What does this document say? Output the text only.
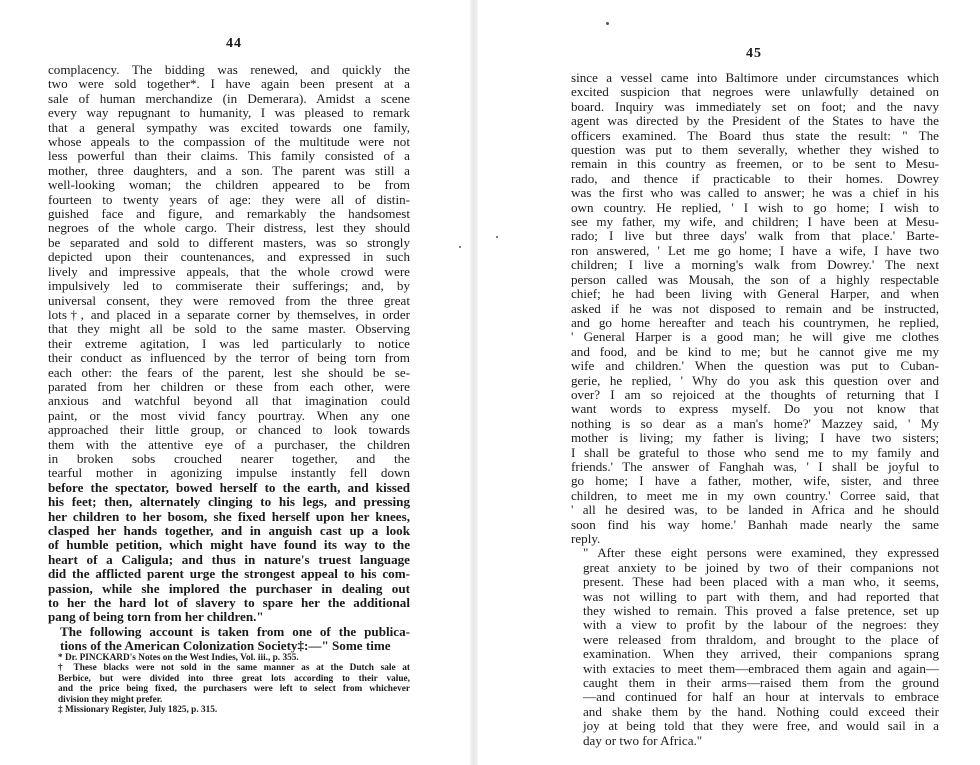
44

complacency. The bidding was renewed, and quickly the
two were sold together*. I have again been present at a
sale of human merchandize (in Demerara). Amidst a scene
every way repugnant to humanity, I was pleased to remark
that a general sympathy was excited towards one family,
whose appeals to the compassion of the multitude were not
less powerful than their claims. This family consisted of a
mother, three daughters, and a son. The parent was still a
well-looking woman; the children appeared to be from
fourteen to twenty years of age: they were all of distin-
guished face and figure, and remarkably the handsomest
negroes of the whole cargo. Their distress, lest they should
be separated and sold to different masters, was so strongly
depicted upon their countenances, and expressed in such
lively and impressive appeals, that the whole crowd were
impulsively led to commiserate their sufferings; and, by
universal consent, they were removed from the three great
lots†, and placed in a separate corner by themselves, in order
that they might all be sold to the same master. Observing
their extreme agitation, I was led particularly to notice
their conduct as influenced by the terror of being torn from
each other: the fears of the parent, lest she should be se-
parated from her children or these from each other, were
anxious and watchful beyond all that imagination could
paint, or the most vivid fancy pourtray. When any one
approached their little group, or chanced to look towards
them with the attentive eye of a purchaser, the children
in broken sobs crouched nearer together, and the
tearful mother in agonizing impulse instantly fell down
before the spectator, bowed herself to the earth, and kissed
his feet; then, alternately clinging to his legs, and pressing
her children to her bosom, she fixed herself upon her knees,
clasped her hands together, and in anguish cast up a look
of humble petition, which might have found its way to the
heart of a Caligula; and thus in nature's truest language
did the afflicted parent urge the strongest appeal to his com-
passion, while she implored the purchaser in dealing out
to her the hard lot of slavery to spare her the additional
pang of being torn from her children."

The following account is taken from one of the publica-
tions of the American Colonization Society‡:—" Some time

* Dr. PINCKARD's Notes on the West Indies, Vol. iii., p. 355.

† These blacks were not sold in the same manner as at the Dutch sale at
Berbice, but were divided into three great lots according to their value,
and the price being fixed, the purchasers were left to select from whichever
division they might prefer.

‡ Missionary Register, July 1825, p. 315.

45

since a vessel came into Baltimore under circumstances which
excited suspicion that negroes were unlawfully detained on
board. Inquiry was immediately set on foot; and the navy
agent was directed by the President of the States to have the
officers examined. The Board thus state the result: " The
question was put to them severally, whether they wished to
remain in this country as freemen, or to be sent to Mesu-
rado, and thence if practicable to their homes. Dowrey
was the first who was called to answer; he was a chief in his
own country. He replied, ' I wish to go home; I wish to
see my father, my wife, and children; I have been at Mesu-
rado; I live but three days' walk from that place.' Barte-
ron answered, ' Let me go home; I have a wife, I have two
children; I live a morning's walk from Dowrey.' The next
person called was Mousah, the son of a highly respectable
chief; he had been living with General Harper, and when
asked if he was not disposed to remain and be instructed,
and go home hereafter and teach his countrymen, he replied,
' General Harper is a good man; he will give me clothes
and food, and be kind to me; but he cannot give me my
wife and children.' When the question was put to Cuban-
gerie, he replied, ' Why do you ask this question over and
over? I am so rejoiced at the thoughts of returning that I
want words to express myself. Do you not know that
nothing is so dear as a man's home?' Mazzey said, ' My
mother is living; my father is living; I have two sisters;
I shall be grateful to those who send me to my family and
friends.' The answer of Fanghah was, ' I shall be joyful to
go home; I have a father, mother, wife, sister, and three
children, to meet me in my own country.' Corree said, that
' all he desired was, to be landed in Africa and he should
soon find his way home.' Banhah made nearly the same
reply.

" After these eight persons were examined, they expressed
great anxiety to be joined by two of their companions not
present. These had been placed with a man who, it seems,
was not willing to part with them, and had reported that
they wished to remain. This proved a false pretence, set up
with a view to profit by the labour of the negroes: they
were released from thraldom, and brought to the place of
examination. When they arrived, their companions sprang
with extacies to meet them—embraced them again and again—
caught them in their arms—raised them from the ground
—and continued for half an hour at intervals to embrace
and shake them by the hand. Nothing could exceed their
joy at being told that they were free, and would sail in a
day or two for Africa."
